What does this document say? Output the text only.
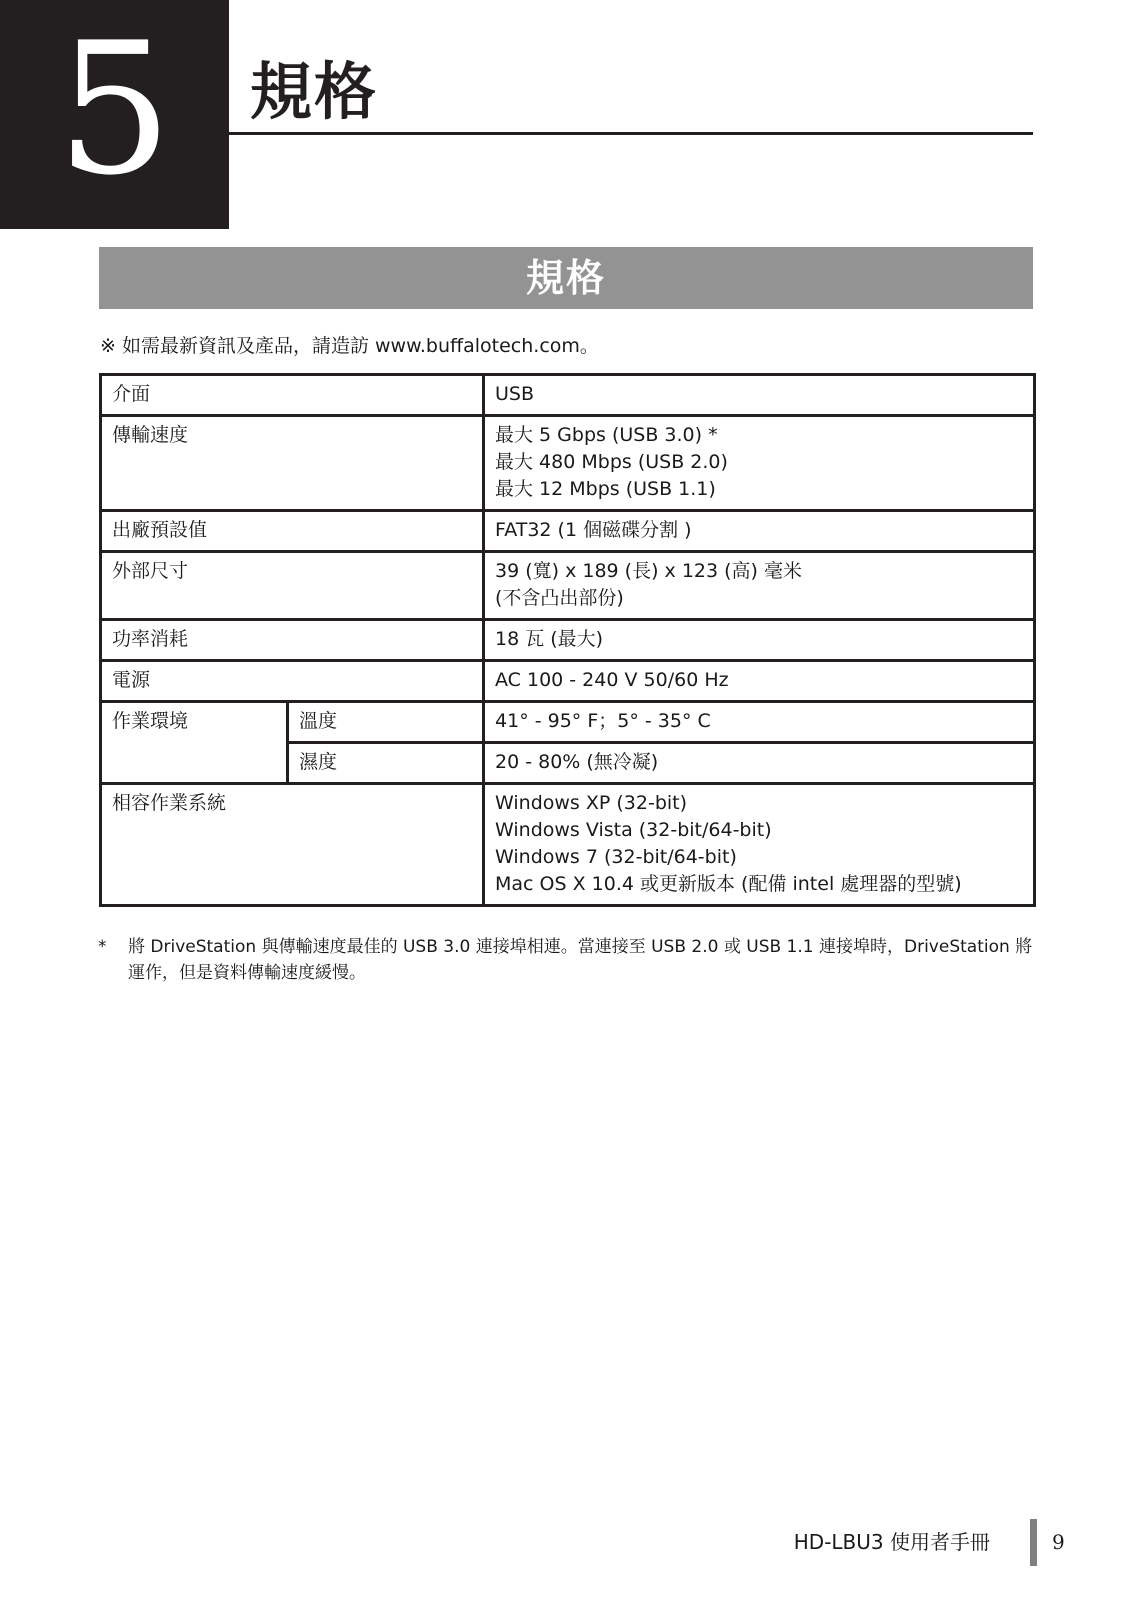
5	規格
規格
※ 如需最新資訊及產品，請造訪 www.buffalotech.com。
介面		USB
傳輸速度		最大 5 Gbps (USB 3.0) *
最大 480 Mbps (USB 2.0)
最大 12 Mbps (USB 1.1)

出廠預設值		FAT32 (1 個磁碟分割 )
外部尺寸		39 (寬) x 189 (長) x 123 (高) 毫米
(不含凸出部份)

功率消耗		18 瓦 (最大)
電源		AC 100 - 240 V 50/60 Hz
作業環境	溫度	41° - 95° F；5° - 35° C
	濕度	20 - 80% (無冷凝)
相容作業系統		Windows XP (32-bit)
Windows Vista (32-bit/64-bit)
Windows 7 (32-bit/64-bit)
Mac OS X 10.4 或更新版本 (配備 intel 處理器的型號)
* 將 DriveStation 與傳輸速度最佳的 USB 3.0 連接埠相連。當連接至 USB 2.0 或 USB 1.1 連接埠時，DriveStation 將運作，但是資料傳輸速度緩慢。
HD-LBU3 使用者手冊	9
